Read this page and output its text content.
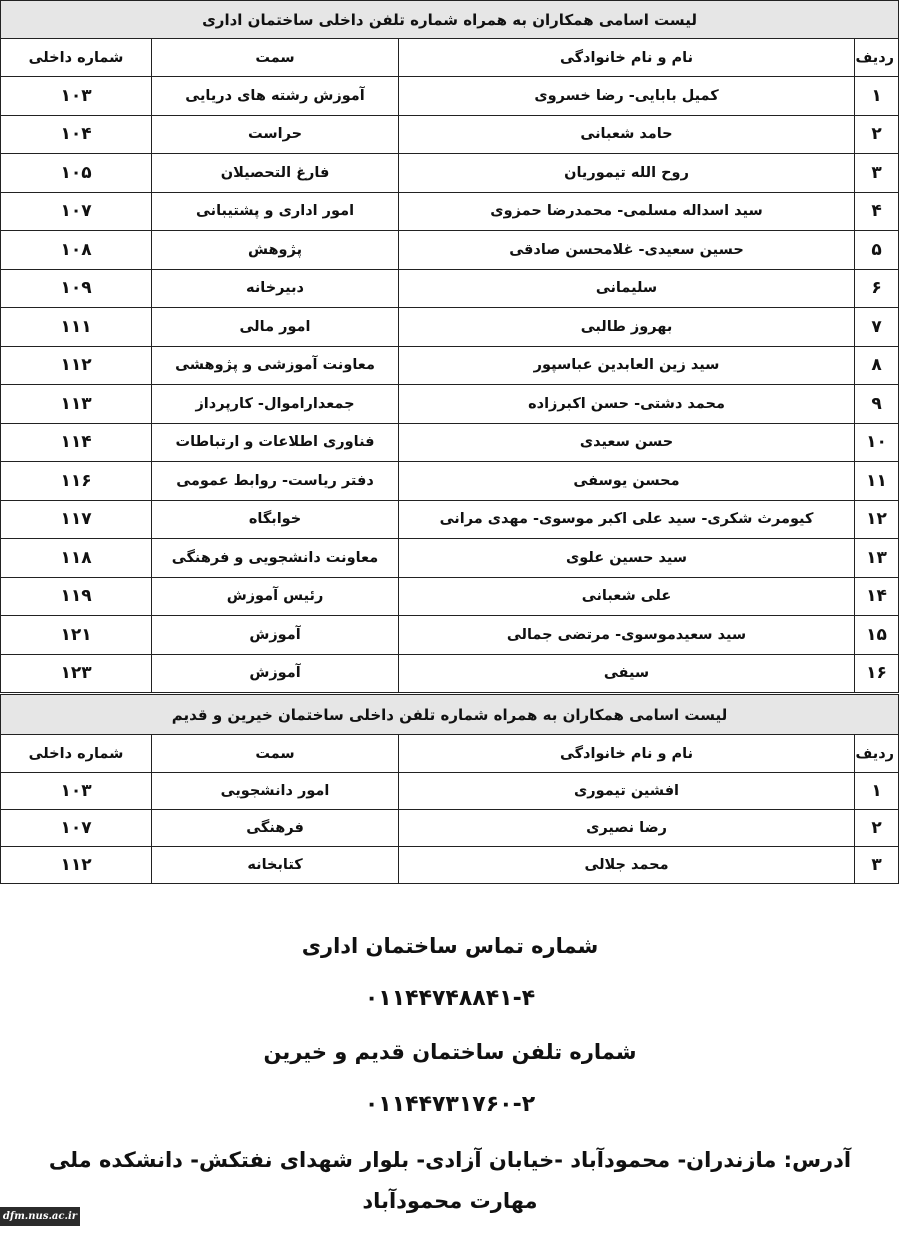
لیست اسامی همکاران به همراه شماره تلفن داخلی ساختمان اداری			
ردیف	نام و نام خانوادگی	سمت	شماره داخلی
۱	کمیل بابایی- رضا خسروی	آموزش رشته های دریایی	۱۰۳
۲	حامد شعبانی	حراست	۱۰۴
۳	روح الله تیموریان	فارغ التحصیلان	۱۰۵
۴	سید اسداله مسلمی- محمدرضا حمزوی	امور اداری و پشتیبانی	۱۰۷
۵	حسین سعیدی- غلامحسن صادقی	پژوهش	۱۰۸
۶	سلیمانی	دبیرخانه	۱۰۹
۷	بهروز طالبی	امور مالی	۱۱۱
۸	سید زین العابدین عباسپور	معاونت آموزشی و پژوهشی	۱۱۲
۹	محمد دشتی- حسن اکبرزاده	جمعداراموال- کارپرداز	۱۱۳
۱۰	حسن سعیدی	فناوری اطلاعات و ارتباطات	۱۱۴
۱۱	محسن یوسفی	دفتر ریاست- روابط عمومی	۱۱۶
۱۲	کیومرث شکری- سید علی اکبر موسوی- مهدی مرانی	خوابگاه	۱۱۷
۱۳	سید حسین علوی	معاونت دانشجویی و فرهنگی	۱۱۸
۱۴	علی شعبانی	رئیس آموزش	۱۱۹
۱۵	سید سعیدموسوی- مرتضی جمالی	آموزش	۱۲۱
۱۶	سیفی	آموزش	۱۲۳
لیست اسامی همکاران به همراه شماره تلفن داخلی ساختمان خیرین و قدیم			
ردیف	نام و نام خانوادگی	سمت	شماره داخلی
۱	افشین تیموری	امور دانشجویی	۱۰۳
۲	رضا نصیری	فرهنگی	۱۰۷
۳	محمد جلالی	کتابخانه	۱۱۲
شماره تماس ساختمان اداری
۰۱۱۴۴۷۴۸۸۴۱-۴
شماره تلفن ساختمان قدیم و خیرین
۰۱۱۴۴۷۳۱۷۶۰-۲
آدرس: مازندران- محمودآباد -خیابان آزادی- بلوار شهدای نفتکش- دانشکده ملی مهارت محمودآباد
dfm.nus.ac.ir
